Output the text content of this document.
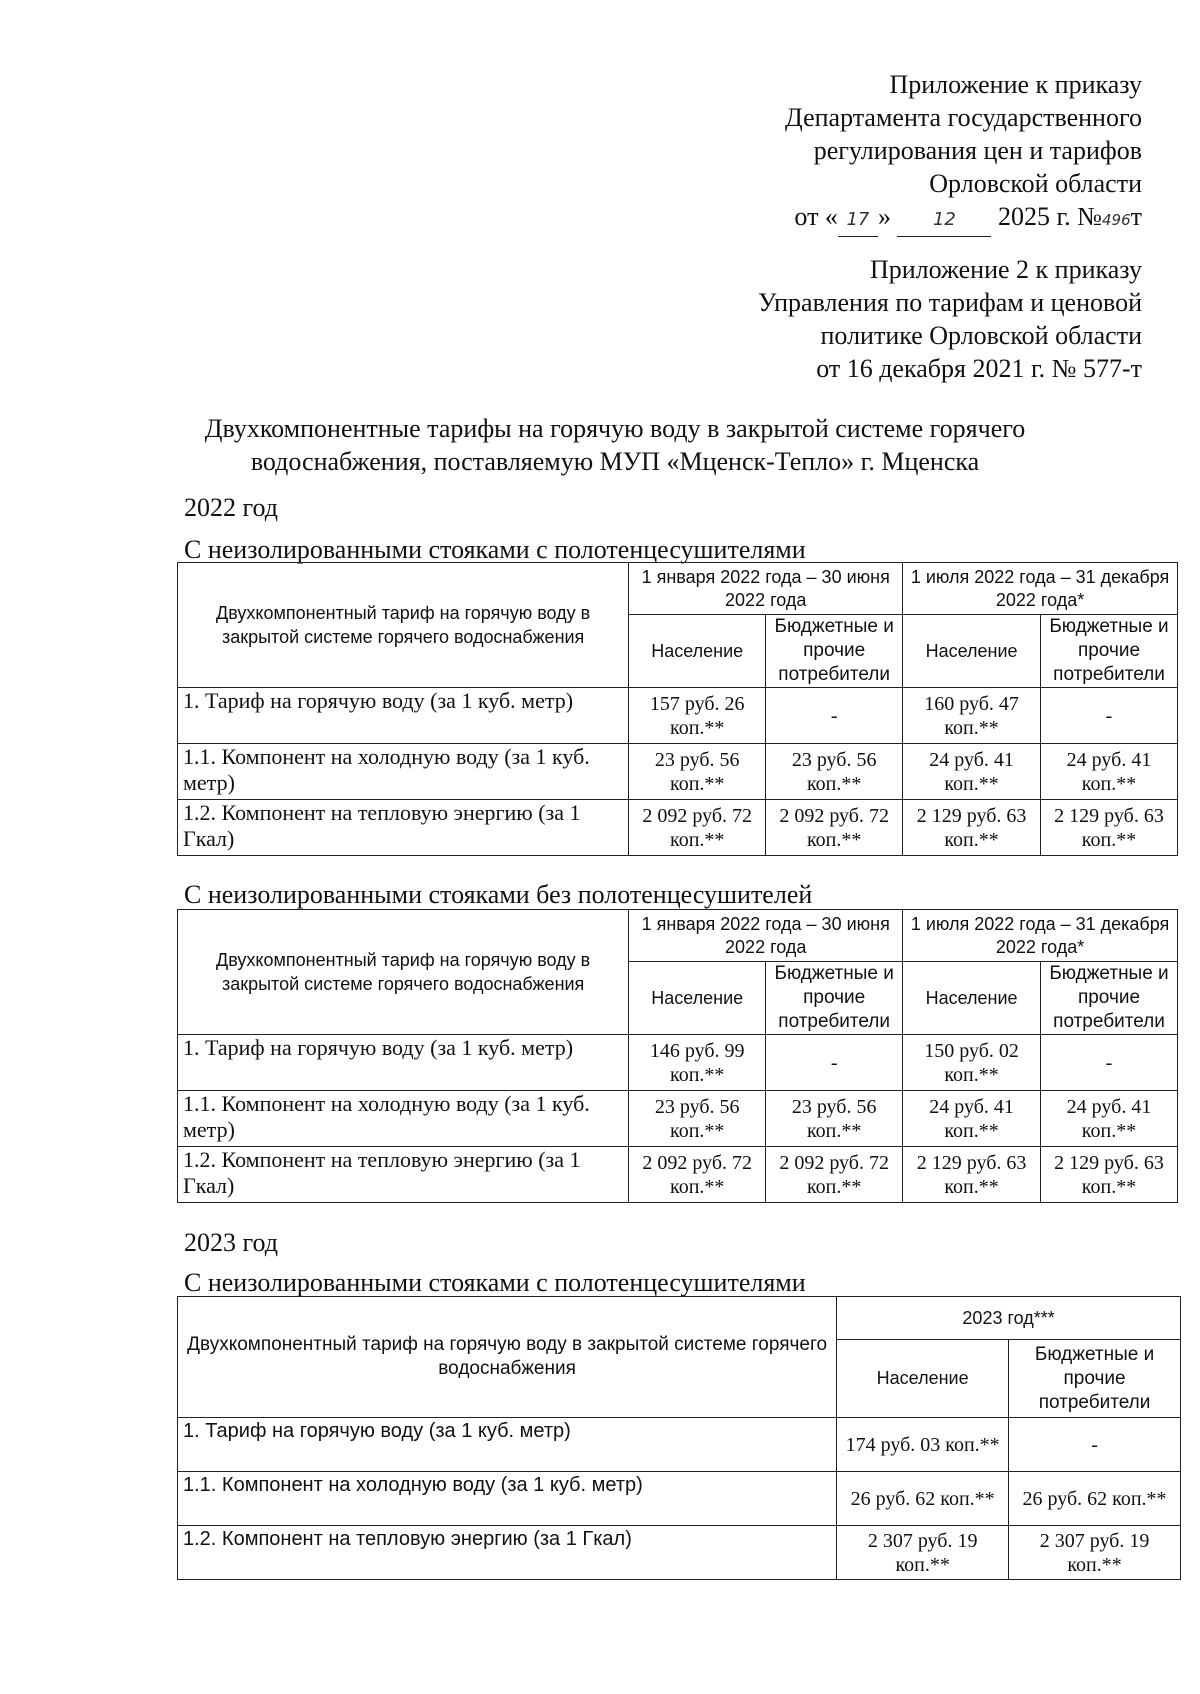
Приложение к приказу
Департамента государственного
регулирования цен и тарифов
Орловской области
от « 17 » 12 2025 г. №496т
Приложение 2 к приказу
Управления по тарифам и ценовой
политике Орловской области
от 16 декабря 2021 г. № 577-т
Двухкомпонентные тарифы на горячую воду в закрытой системе горячего
водоснабжения, поставляемую МУП «Мценск-Тепло» г. Мценска
2022 год
С неизолированными стояками с полотенцесушителями
Двухкомпонентный тариф на горячую воду в закрытой системе горячего водоснабжения	1 января 2022 года – 30 июня 2022 года		1 июля 2022 года – 31 декабря 2022 года*	
	Население	Бюджетные и прочие потребители	Население	Бюджетные и прочие потребители
1. Тариф на горячую воду (за 1 куб. метр)	157 руб. 26 коп.**	-	160 руб. 47 коп.**	-
1.1. Компонент на холодную воду (за 1 куб. метр)	23 руб. 56 коп.**	23 руб. 56 коп.**	24 руб. 41 коп.**	24 руб. 41 коп.**
1.2. Компонент на тепловую энергию (за 1 Гкал)	2 092 руб. 72 коп.**	2 092 руб. 72 коп.**	2 129 руб. 63 коп.**	2 129 руб. 63 коп.**
С неизолированными стояками без полотенцесушителей
Двухкомпонентный тариф на горячую воду в закрытой системе горячего водоснабжения	1 января 2022 года – 30 июня 2022 года		1 июля 2022 года – 31 декабря 2022 года*	
	Население	Бюджетные и прочие потребители	Население	Бюджетные и прочие потребители
1. Тариф на горячую воду (за 1 куб. метр)	146 руб. 99 коп.**	-	150 руб. 02 коп.**	-
1.1. Компонент на холодную воду (за 1 куб. метр)	23 руб. 56 коп.**	23 руб. 56 коп.**	24 руб. 41 коп.**	24 руб. 41 коп.**
1.2. Компонент на тепловую энергию (за 1 Гкал)	2 092 руб. 72 коп.**	2 092 руб. 72 коп.**	2 129 руб. 63 коп.**	2 129 руб. 63 коп.**
2023 год
С неизолированными стояками с полотенцесушителями
Двухкомпонентный тариф на горячую воду в закрытой системе горячего водоснабжения	2023 год***	
	Население	Бюджетные и прочие потребители
1. Тариф на горячую воду (за 1 куб. метр)	174 руб. 03 коп.**	-
1.1. Компонент на холодную воду (за 1 куб. метр)	26 руб. 62 коп.**	26 руб. 62 коп.**
1.2. Компонент на тепловую энергию (за 1 Гкал)	2 307 руб. 19 коп.**	2 307 руб. 19 коп.**
